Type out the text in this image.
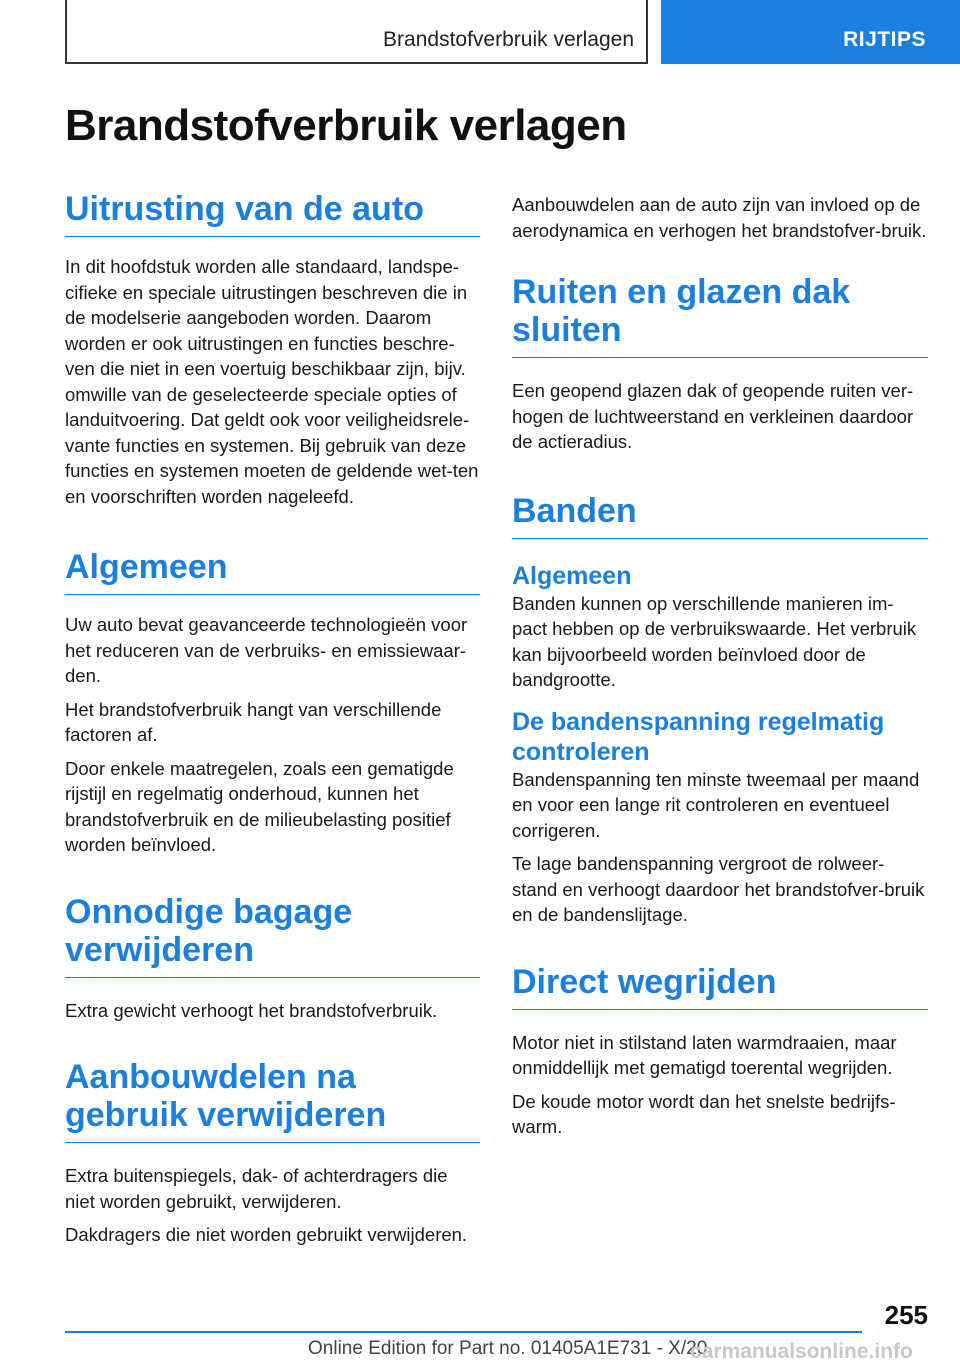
Brandstofverbruik verlagen	RIJTIPS
Brandstofverbruik verlagen
Uitrusting van de auto

In dit hoofdstuk worden alle standaard, landspe-cifieke en speciale uitrustingen beschreven die in de modelserie aangeboden worden. Daarom worden er ook uitrustingen en functies beschre-ven die niet in een voertuig beschikbaar zijn, bijv. omwille van de geselecteerde speciale opties of landuitvoering. Dat geldt ook voor veiligheidsrele-vante functies en systemen. Bij gebruik van deze functies en systemen moeten de geldende wet-ten en voorschriften worden nageleefd.

Algemeen

Uw auto bevat geavanceerde technologieën voor het reduceren van de verbruiks- en emissiewaar-den.

Het brandstofverbruik hangt van verschillende factoren af.

Door enkele maatregelen, zoals een gematigde rijstijl en regelmatig onderhoud, kunnen het brandstofverbruik en de milieubelasting positief worden beïnvloed.

Onnodige bagage verwijderen

Extra gewicht verhoogt het brandstofverbruik.

Aanbouwdelen na gebruik verwijderen

Extra buitenspiegels, dak- of achterdragers die niet worden gebruikt, verwijderen.

Dakdragers die niet worden gebruikt verwijderen.

Aanbouwdelen aan de auto zijn van invloed op de aerodynamica en verhogen het brandstofver-bruik.

Ruiten en glazen dak sluiten

Een geopend glazen dak of geopende ruiten ver-hogen de luchtweerstand en verkleinen daardoor de actieradius.

Banden
Algemeen

Banden kunnen op verschillende manieren im-pact hebben op de verbruikswaarde. Het verbruik kan bijvoorbeeld worden beïnvloed door de bandgrootte.

De bandenspanning regelmatig controleren

Bandenspanning ten minste tweemaal per maand en voor een lange rit controleren en eventueel corrigeren.

Te lage bandenspanning vergroot de rolweer-stand en verhoogt daardoor het brandstofver-bruik en de bandenslijtage.

Direct wegrijden

Motor niet in stilstand laten warmdraaien, maar onmiddellijk met gematigd toerental wegrijden.

De koude motor wordt dan het snelste bedrijfs-warm.

255
Online Edition for Part no. 01405A1E731 - X/20
carmanualsonline.info
